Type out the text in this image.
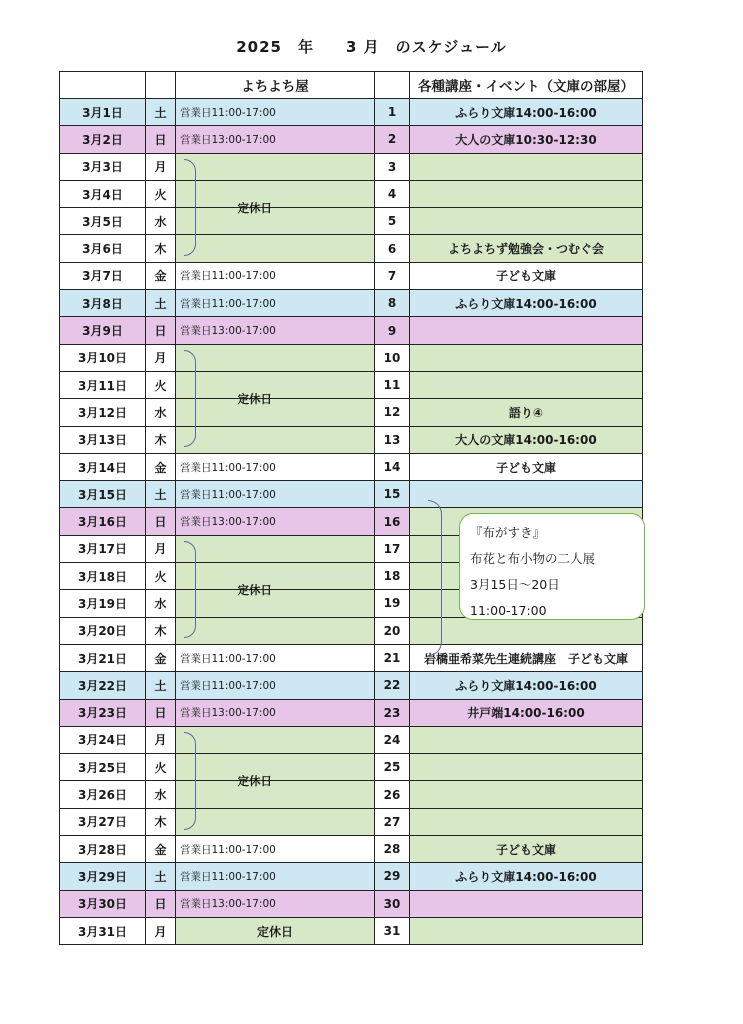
2025　年　　3 月　のスケジュール
		よちよち屋		各種講座・イベント（文庫の部屋）
3月1日	土	営業日11:00-17:00	1	ふらり文庫14:00-16:00
3月2日	日	営業日13:00-17:00	2	大人の文庫10:30-12:30
3月3日	月		3	
3月4日	火		4	
3月5日	水		5	
3月6日	木		6	よちよちず勉強会・つむぐ会
3月7日	金	営業日11:00-17:00	7	子ども文庫
3月8日	土	営業日11:00-17:00	8	ふらり文庫14:00-16:00
3月9日	日	営業日13:00-17:00	9	
3月10日	月		10	
3月11日	火		11	
3月12日	水		12	語り④
3月13日	木		13	大人の文庫14:00-16:00
3月14日	金	営業日11:00-17:00	14	子ども文庫
3月15日	土	営業日11:00-17:00	15	
3月16日	日	営業日13:00-17:00	16	
3月17日	月		17	
3月18日	火		18	
3月19日	水		19	
3月20日	木		20	
3月21日	金	営業日11:00-17:00	21	岩橋亜希菜先生連続講座　子ども文庫
3月22日	土	営業日11:00-17:00	22	ふらり文庫14:00-16:00
3月23日	日	営業日13:00-17:00	23	井戸端14:00-16:00
3月24日	月		24	
3月25日	火		25	
3月26日	水		26	
3月27日	木		27	
3月28日	金	営業日11:00-17:00	28	子ども文庫
3月29日	土	営業日11:00-17:00	29	ふらり文庫14:00-16:00
3月30日	日	営業日13:00-17:00	30	
3月31日	月	定休日	31	
定休日
定休日
定休日
定休日
『布がすき』
布花と布小物の二人展
3月15日～20日
11:00-17:00
